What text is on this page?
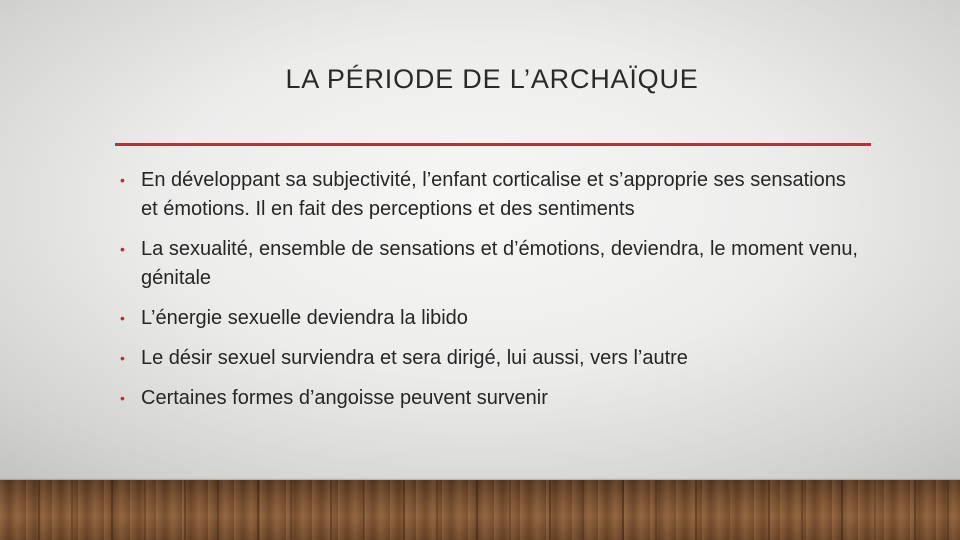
LA PÉRIODE DE L’ARCHAÏQUE
• En développant sa subjectivité, l’enfant corticalise et s’approprie ses sensations et émotions. Il en fait des perceptions et des sentiments
• La sexualité, ensemble de sensations et d’émotions, deviendra, le moment venu, génitale
• L’énergie sexuelle deviendra la libido
• Le désir sexuel surviendra et sera dirigé, lui aussi, vers l’autre
• Certaines formes d’angoisse peuvent survenir
